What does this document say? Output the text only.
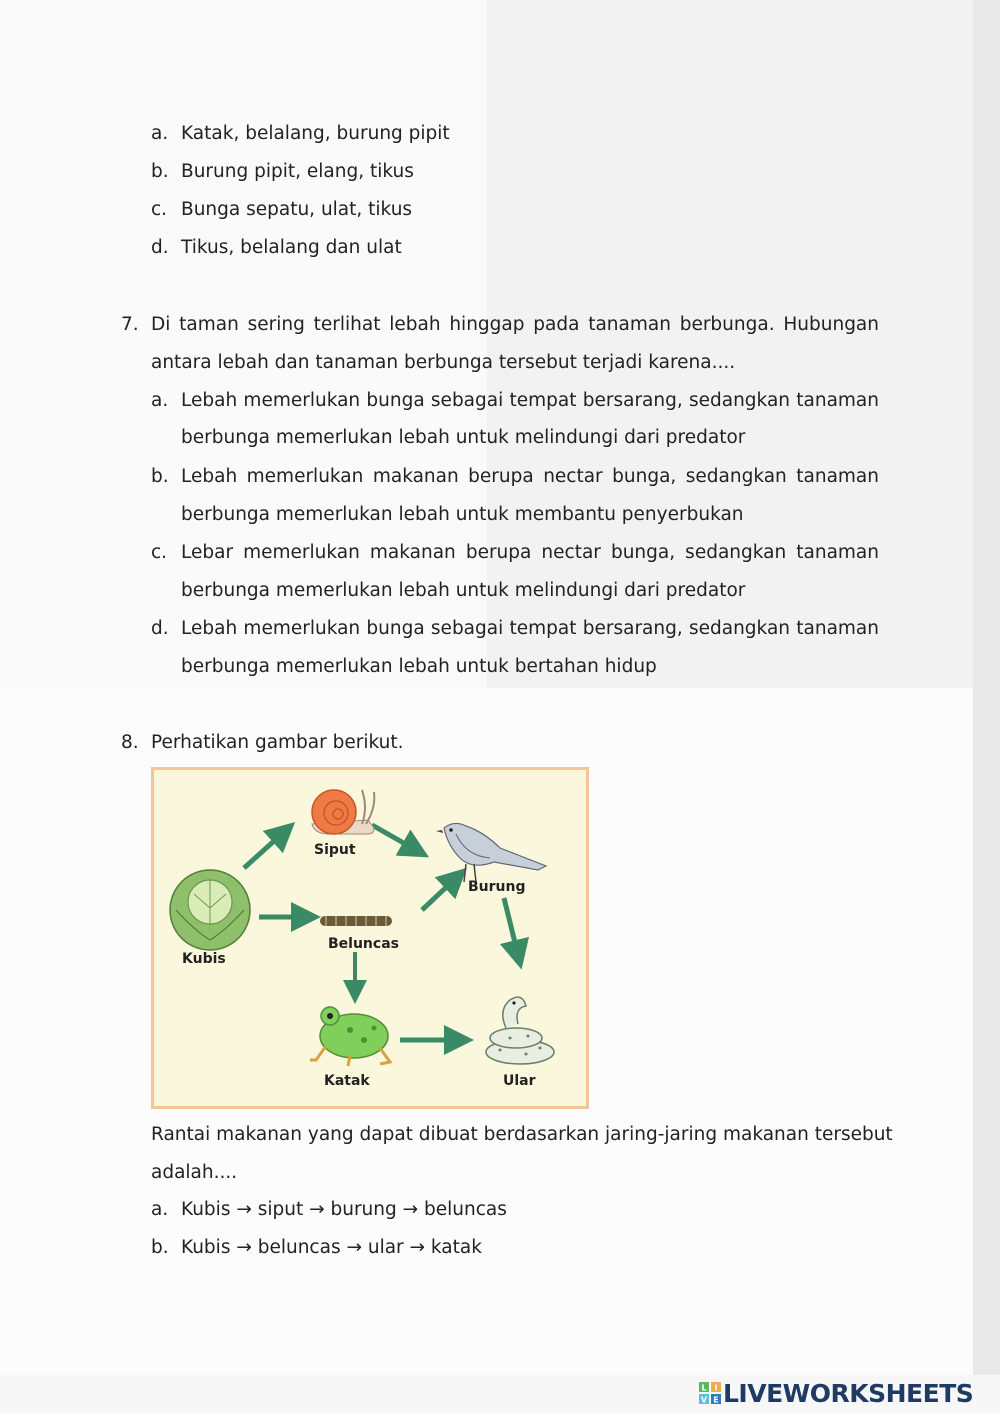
a. Katak, belalang, burung pipit
b. Burung pipit, elang, tikus
c. Bunga sepatu, ulat, tikus
d. Tikus, belalang dan ulat
7. Di taman sering terlihat lebah hinggap pada tanaman berbunga. Hubungan
antara lebah dan tanaman berbunga tersebut terjadi karena....
a. Lebah memerlukan bunga sebagai tempat bersarang, sedangkan tanaman
berbunga memerlukan lebah untuk melindungi dari predator
b. Lebah memerlukan makanan berupa nectar bunga, sedangkan tanaman
berbunga memerlukan lebah untuk membantu penyerbukan
c. Lebar memerlukan makanan berupa nectar bunga, sedangkan tanaman
berbunga memerlukan lebah untuk melindungi dari predator
d. Lebah memerlukan bunga sebagai tempat bersarang, sedangkan tanaman
berbunga memerlukan lebah untuk bertahan hidup
8. Perhatikan gambar berikut.
Siput
Burung
Kubis
Beluncas
Katak	Ular
Rantai makanan yang dapat dibuat berdasarkan jaring-jaring makanan tersebut
adalah....
a. Kubis → siput → burung → beluncas
b. Kubis → beluncas → ular → katak
L I
V E LIVEWORKSHEETS
